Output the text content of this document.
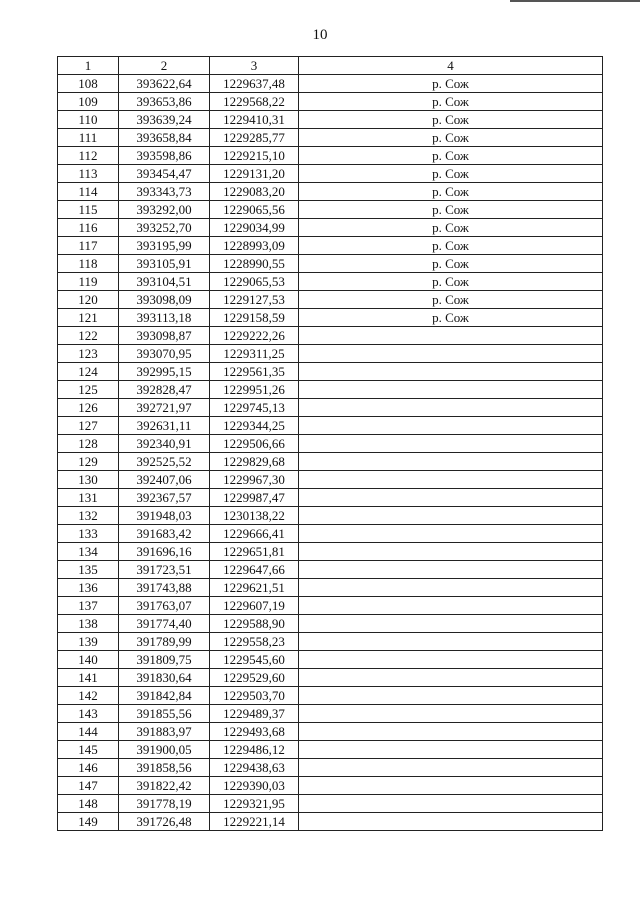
10
1	2	3	4
108	393622,64	1229637,48	р. Сож
109	393653,86	1229568,22	р. Сож
110	393639,24	1229410,31	р. Сож
111	393658,84	1229285,77	р. Сож
112	393598,86	1229215,10	р. Сож
113	393454,47	1229131,20	р. Сож
114	393343,73	1229083,20	р. Сож
115	393292,00	1229065,56	р. Сож
116	393252,70	1229034,99	р. Сож
117	393195,99	1228993,09	р. Сож
118	393105,91	1228990,55	р. Сож
119	393104,51	1229065,53	р. Сож
120	393098,09	1229127,53	р. Сож
121	393113,18	1229158,59	р. Сож
122	393098,87	1229222,26	
123	393070,95	1229311,25	
124	392995,15	1229561,35	
125	392828,47	1229951,26	
126	392721,97	1229745,13	
127	392631,11	1229344,25	
128	392340,91	1229506,66	
129	392525,52	1229829,68	
130	392407,06	1229967,30	
131	392367,57	1229987,47	
132	391948,03	1230138,22	
133	391683,42	1229666,41	
134	391696,16	1229651,81	
135	391723,51	1229647,66	
136	391743,88	1229621,51	
137	391763,07	1229607,19	
138	391774,40	1229588,90	
139	391789,99	1229558,23	
140	391809,75	1229545,60	
141	391830,64	1229529,60	
142	391842,84	1229503,70	
143	391855,56	1229489,37	
144	391883,97	1229493,68	
145	391900,05	1229486,12	
146	391858,56	1229438,63	
147	391822,42	1229390,03	
148	391778,19	1229321,95	
149	391726,48	1229221,14	
